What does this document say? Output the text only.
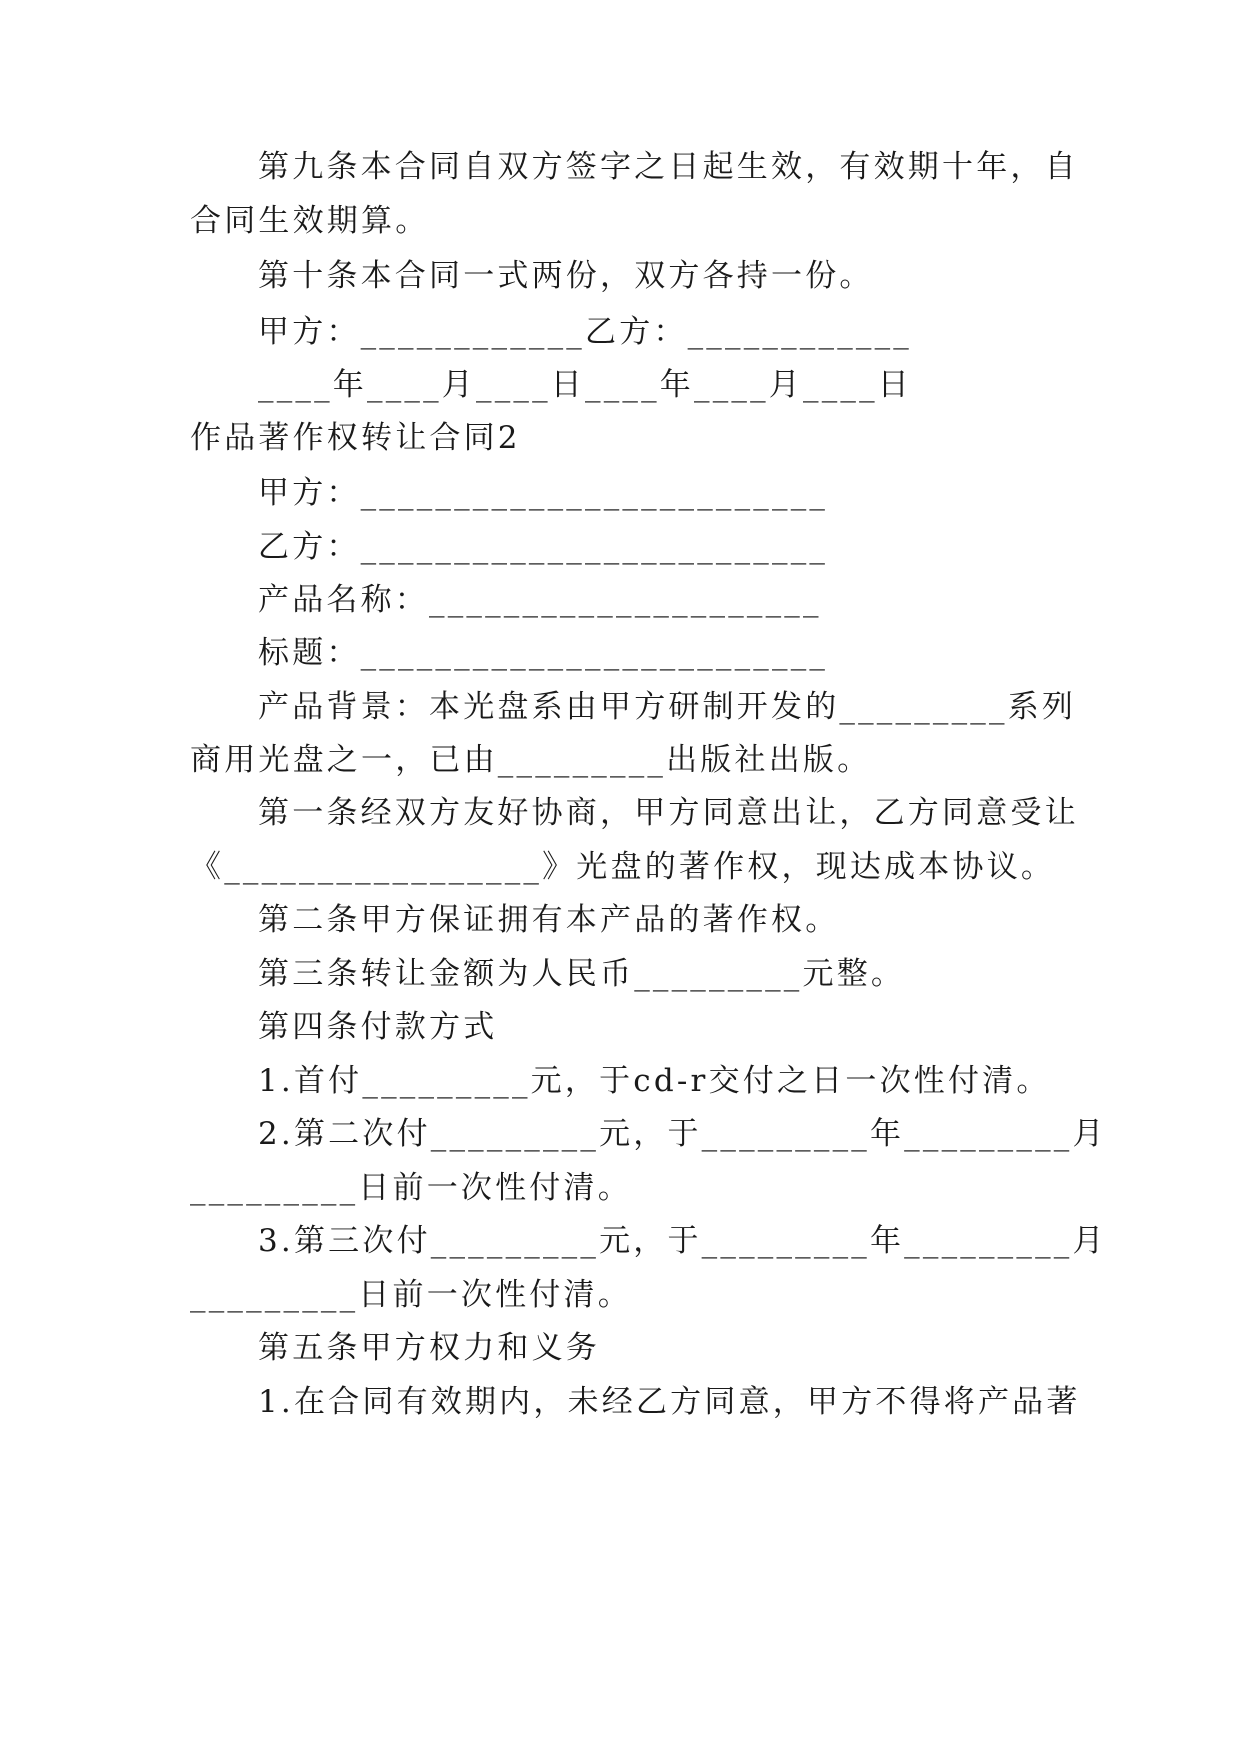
第九条本合同自双方签字之日起生效，有效期十年，自
合同生效期算。
第十条本合同一式两份，双方各持一份。
甲方：____________乙方：____________
____年____月____日____年____月____日
作品著作权转让合同2
甲方：_________________________
乙方：_________________________
产品名称：_____________________
标题：_________________________
产品背景：本光盘系由甲方研制开发的_________系列
商用光盘之一，已由_________出版社出版。
第一条经双方友好协商，甲方同意出让，乙方同意受让
《_________________》光盘的著作权，现达成本协议。
第二条甲方保证拥有本产品的著作权。
第三条转让金额为人民币_________元整。
第四条付款方式
1.首付_________元，于cd-r交付之日一次性付清。
2.第二次付_________元，于_________年_________月
_________日前一次性付清。
3.第三次付_________元，于_________年_________月
_________日前一次性付清。
第五条甲方权力和义务
1.在合同有效期内，未经乙方同意，甲方不得将产品著
